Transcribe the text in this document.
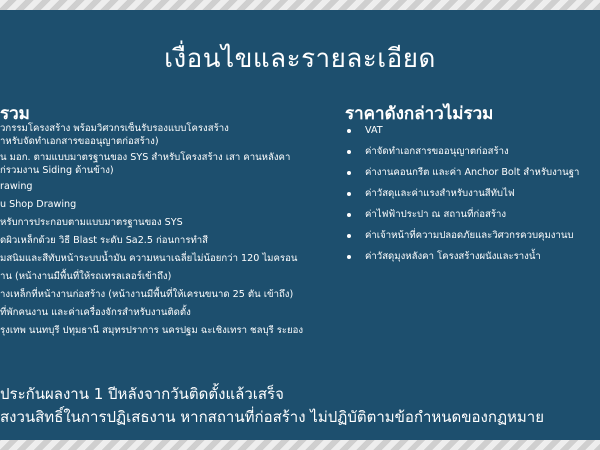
เงื่อนไขและรายละเอียด
รวม
วกรรมโครงสร้าง พร้อมวิศวกรเซ็นรับรองแบบโครงสร้าง
ำหรับจัดทำเอกสารขออนุญาตก่อสร้าง)
น มอก. ตามแบบมาตรฐานของ SYS สำหรับโครงสร้าง เสา คานหลังคา
ก่รวมงาน Siding ด้านข้าง)
rawing
u Shop Drawing
หรับการประกอบตามแบบมาตรฐานของ SYS
ดผิวเหล็กด้วย วิธี Blast ระดับ Sa2.5 ก่อนการทำสี
มสนิมและสีทับหน้าระบบน้ำมัน ความหนาเฉลี่ยไม่น้อยกว่า 120 ไมครอน
าน (หน้างานมีพื้นที่ให้รถเทรลเลอร์เข้าถึง)
างเหล็กที่หน้างานก่อสร้าง (หน้างานมีพื้นที่ให้เครนขนาด 25 ตัน เข้าถึง)
ที่พักคนงาน และค่าเครื่องจักรสำหรับงานติดตั้ง
รุงเทพ นนทบุรี ปทุมธานี สมุทรปราการ นครปฐม ฉะเชิงเทรา ชลบุรี ระยอง
ราคาดังกล่าวไม่รวม
VAT
ค่าจัดทำเอกสารขออนุญาตก่อสร้าง
ค่างานคอนกรีต และค่า Anchor Bolt สำหรับงานฐา
ค่าวัสดุและค่าแรงสำหรับงานสีทับไฟ
ค่าไฟฟ้าประปา ณ สถานที่ก่อสร้าง
ค่าเจ้าหน้าที่ความปลอดภัยและวิศวกรควบคุมงานบ
ค่าวัสดุมุงหลังคา โครงสร้างผนังและรางน้ำ
ประกันผลงาน 1 ปีหลังจากวันติดตั้งแล้วเสร็จ
สงวนสิทธิ์ในการปฏิเสธงาน หากสถานที่ก่อสร้าง ไม่ปฏิบัติตามข้อกำหนดของกฏหมาย
